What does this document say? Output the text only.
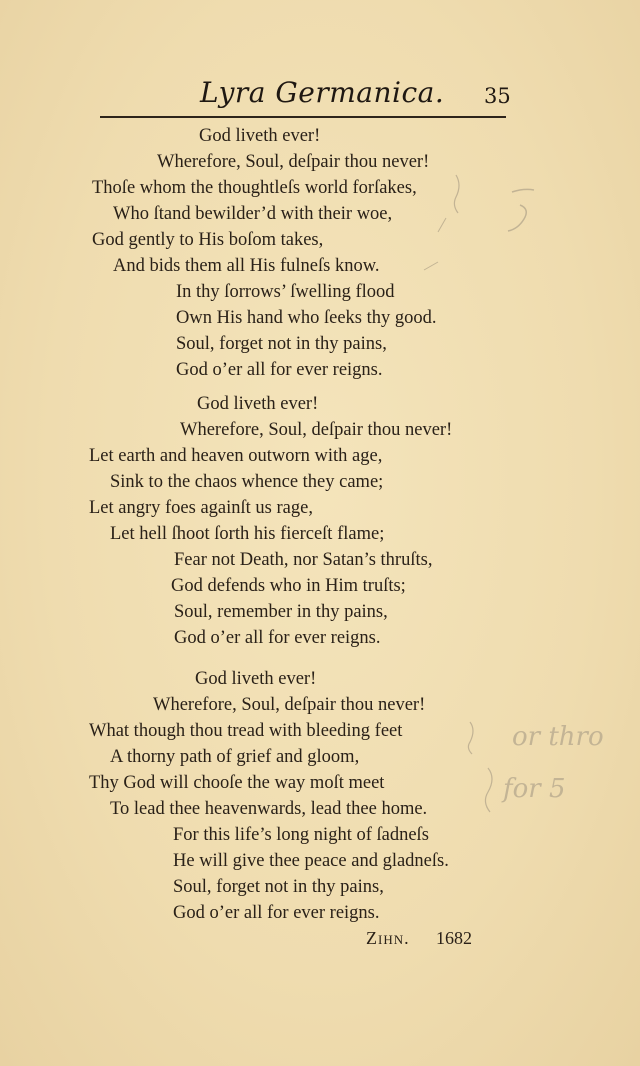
Lyra Germanica. 35
God liveth ever!
Wherefore, Soul, deſpair thou never!
Thoſe whom the thoughtleſs world forſakes,
Who ſtand bewilder’d with their woe,
God gently to His boſom takes,
And bids them all His fulneſs know.
In thy ſorrows’ ſwelling flood
Own His hand who ſeeks thy good.
Soul, forget not in thy pains,
God o’er all for ever reigns.
God liveth ever!
Wherefore, Soul, deſpair thou never!
Let earth and heaven outworn with age,
Sink to the chaos whence they came;
Let angry foes againſt us rage,
Let hell ſhoot ſorth his fierceſt flame;
Fear not Death, nor Satan’s thruſts,
God defends who in Him truſts;
Soul, remember in thy pains,
God o’er all for ever reigns.
God liveth ever!
Wherefore, Soul, deſpair thou never!
What though thou tread with bleeding feet
A thorny path of grief and gloom,
Thy God will chooſe the way moſt meet
To lead thee heavenwards, lead thee home.
For this life’s long night of ſadneſs
He will give thee peace and gladneſs.
Soul, forget not in thy pains,
God o’er all for ever reigns.
Zihn. 1682
or thro
for 5
